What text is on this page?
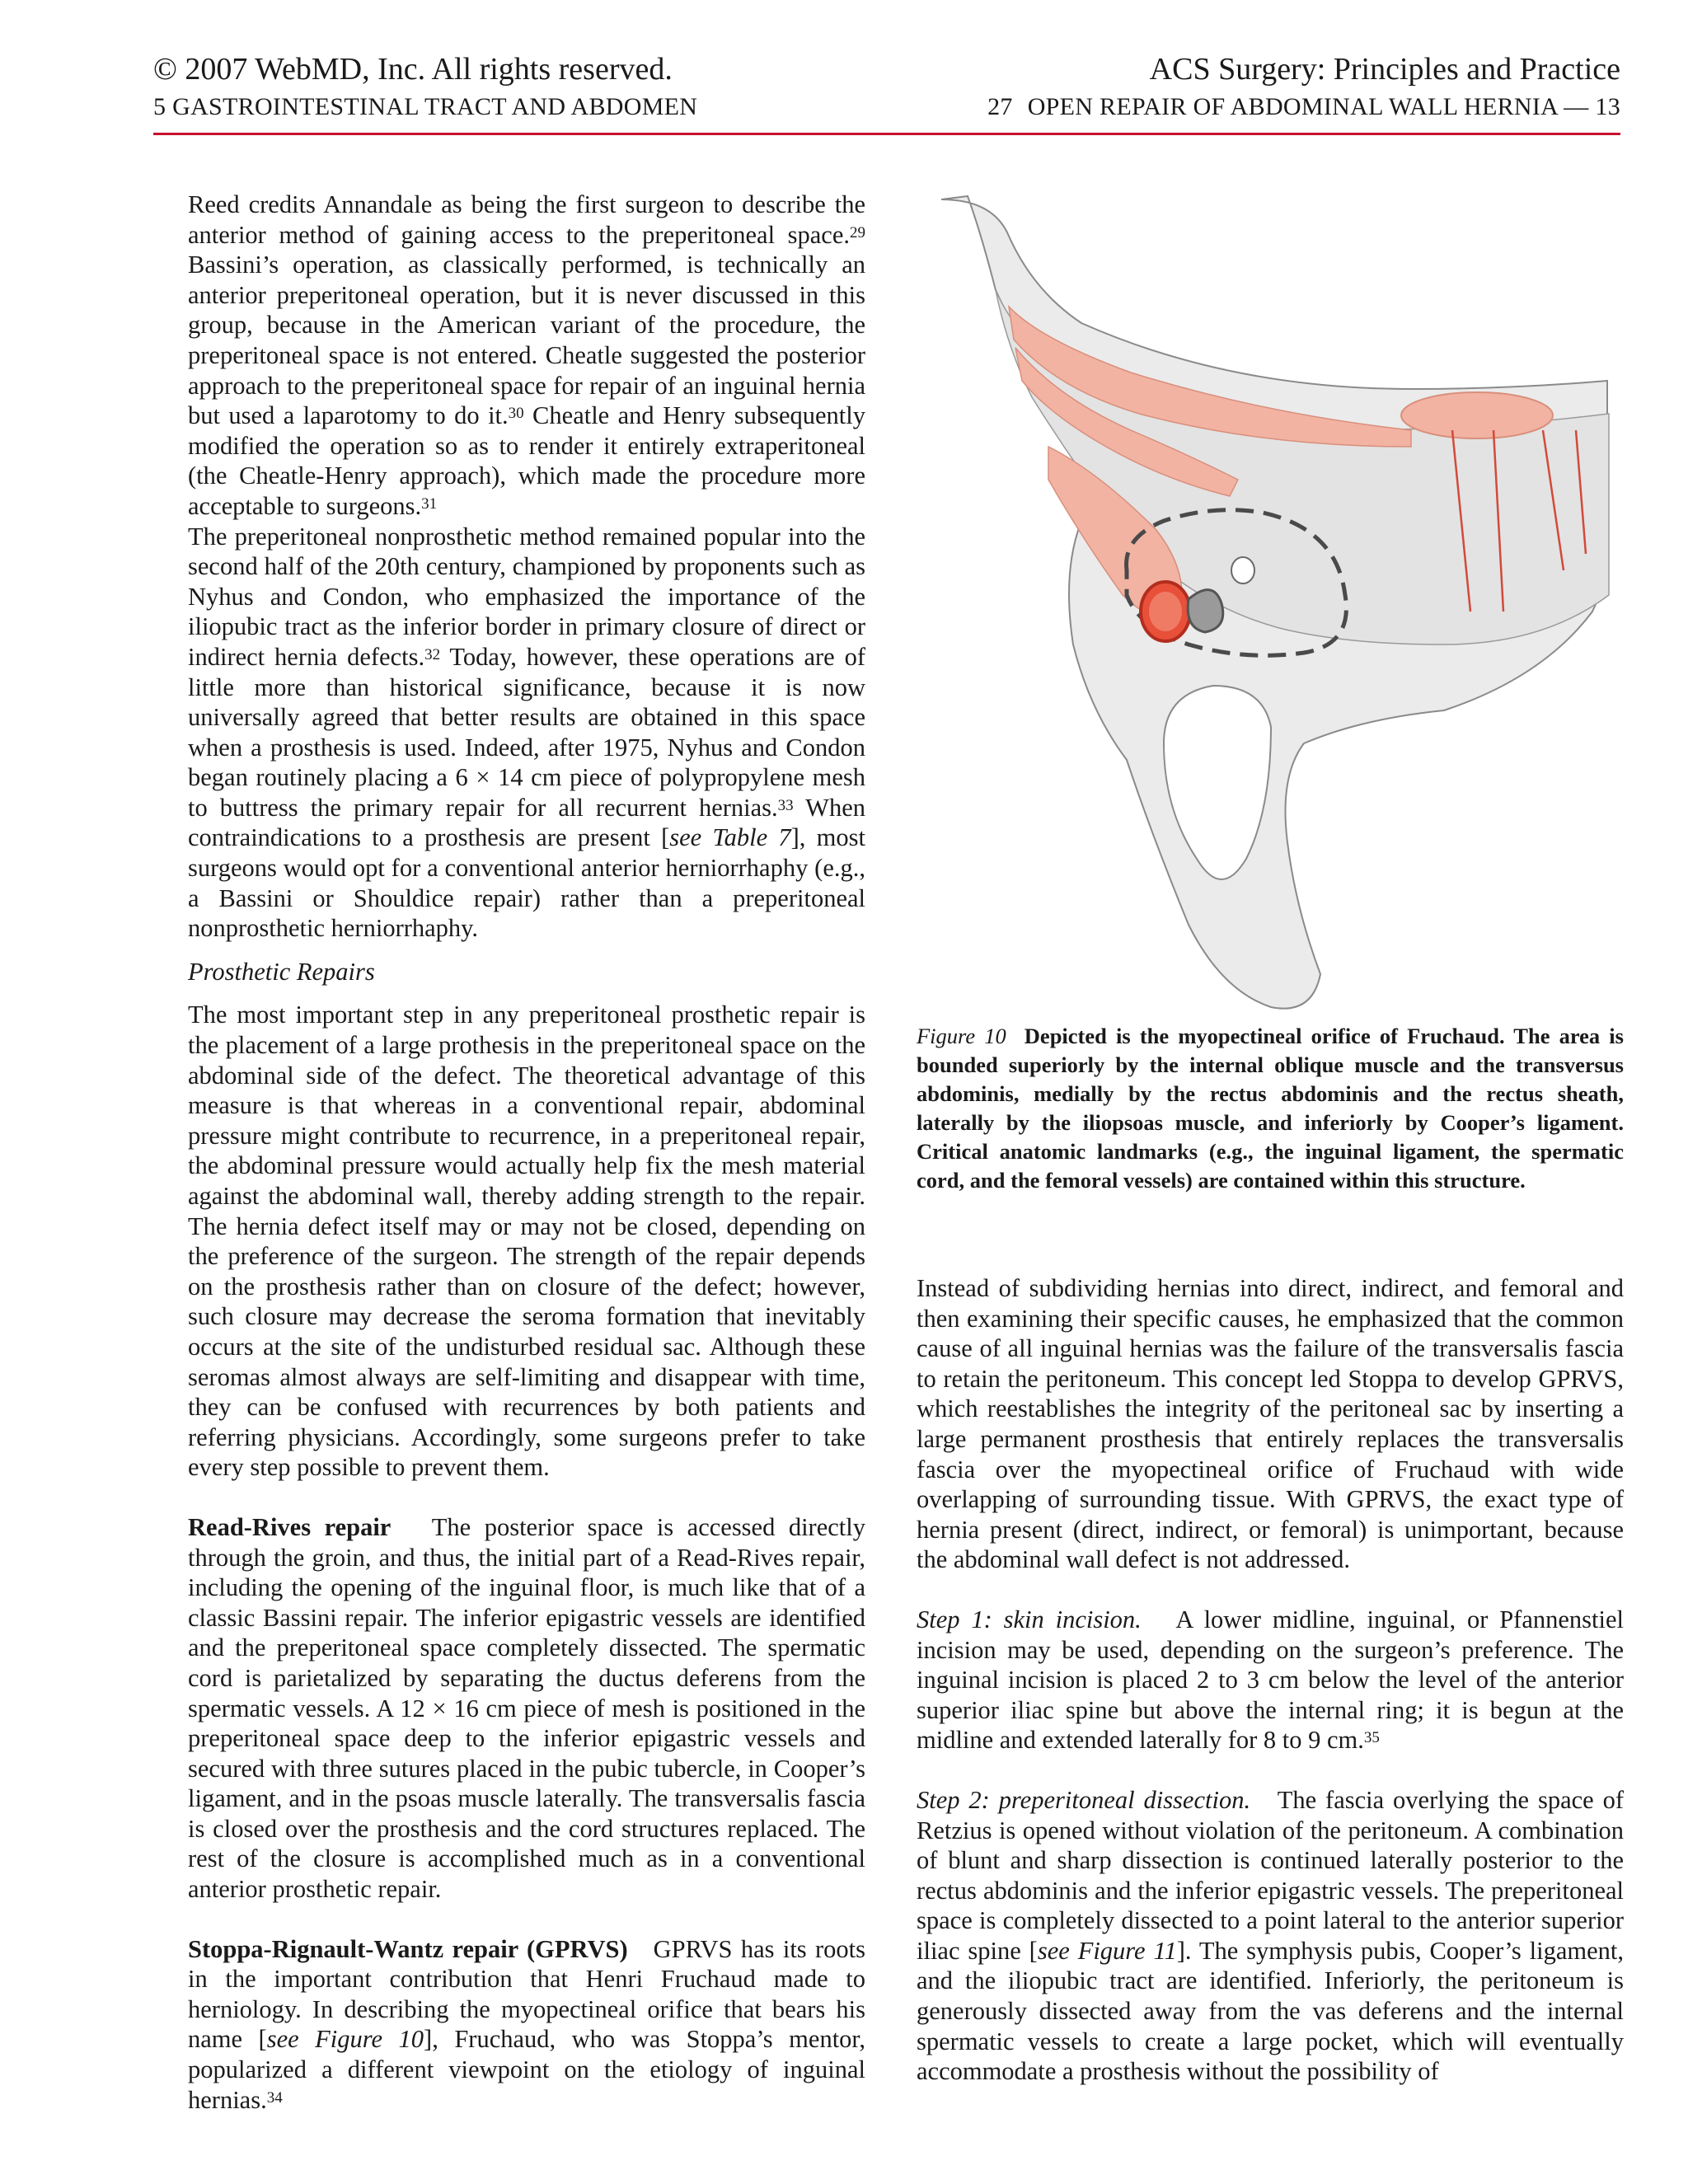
© 2007 WebMD, Inc. All rights reserved.	ACS Surgery: Principles and Practice
5 GASTROINTESTINAL TRACT AND ABDOMEN	27 OPEN REPAIR OF ABDOMINAL WALL HERNIA — 13

Reed credits Annandale as being the first surgeon to describe the anterior method of gaining access to the preperitoneal space.$^{29}$ Bassini’s operation, as classically performed, is technically an anterior preperitoneal operation, but it is never discussed in this group, because in the American variant of the procedure, the preperitoneal space is not entered. Cheatle suggested the posterior approach to the preperitoneal space for repair of an inguinal hernia but used a laparotomy to do it.$^{30}$ Cheatle and Henry subsequently modified the operation so as to render it entirely extraperitoneal (the Cheatle-Henry approach), which made the procedure more acceptable to surgeons.$^{31}$

The preperitoneal nonprosthetic method remained popular into the second half of the 20th century, championed by proponents such as Nyhus and Condon, who emphasized the importance of the iliopubic tract as the inferior border in primary closure of direct or indirect hernia defects.$^{32}$ Today, however, these operations are of little more than historical significance, because it is now universally agreed that better results are obtained in this space when a prosthesis is used. Indeed, after 1975, Nyhus and Condon began routinely placing a 6 × 14 cm piece of polypropylene mesh to buttress the primary repair for all recurrent hernias.$^{33}$ When contraindications to a prosthesis are present [see Table 7], most surgeons would opt for a conventional anterior herniorrhaphy (e.g., a Bassini or Shouldice repair) rather than a preperitoneal nonprosthetic herniorrhaphy.

Prosthetic Repairs

The most important step in any preperitoneal prosthetic repair is the placement of a large prothesis in the preperitoneal space on the abdominal side of the defect. The theoretical advantage of this measure is that whereas in a conventional repair, abdominal pressure might contribute to recurrence, in a preperitoneal repair, the abdominal pressure would actually help fix the mesh material against the abdominal wall, thereby adding strength to the repair. The hernia defect itself may or may not be closed, depending on the preference of the surgeon. The strength of the repair depends on the prosthesis rather than on closure of the defect; however, such closure may decrease the seroma formation that inevitably occurs at the site of the undisturbed residual sac. Although these seromas almost always are self-limiting and disappear with time, they can be confused with recurrences by both patients and referring physicians. Accordingly, some surgeons prefer to take every step possible to prevent them.

Read-Rives repair The posterior space is accessed directly through the groin, and thus, the initial part of a Read-Rives repair, including the opening of the inguinal floor, is much like that of a classic Bassini repair. The inferior epigastric vessels are identified and the preperitoneal space completely dissected. The spermatic cord is parietalized by separating the ductus deferens from the spermatic vessels. A 12 × 16 cm piece of mesh is positioned in the preperitoneal space deep to the inferior epigastric vessels and secured with three sutures placed in the pubic tubercle, in Cooper’s ligament, and in the psoas muscle laterally. The transversalis fascia is closed over the prosthesis and the cord structures replaced. The rest of the closure is accomplished much as in a conventional anterior prosthetic repair.

Stoppa-Rignault-Wantz repair (GPRVS) GPRVS has its roots in the important contribution that Henri Fruchaud made to herniology. In describing the myopectineal orifice that bears his name [see Figure 10], Fruchaud, who was Stoppa’s mentor, popularized a different viewpoint on the etiology of inguinal hernias.$^{34}$

Figure 10 Depicted is the myopectineal orifice of Fruchaud. The area is bounded superiorly by the internal oblique muscle and the transversus abdominis, medially by the rectus abdominis and the rectus sheath, laterally by the iliopsoas muscle, and inferiorly by Cooper’s ligament. Critical anatomic landmarks (e.g., the inguinal ligament, the spermatic cord, and the femoral vessels) are contained within this structure.

Instead of subdividing hernias into direct, indirect, and femoral and then examining their specific causes, he emphasized that the common cause of all inguinal hernias was the failure of the transversalis fascia to retain the peritoneum. This concept led Stoppa to develop GPRVS, which reestablishes the integrity of the peritoneal sac by inserting a large permanent prosthesis that entirely replaces the transversalis fascia over the myopectineal orifice of Fruchaud with wide overlapping of surrounding tissue. With GPRVS, the exact type of hernia present (direct, indirect, or femoral) is unimportant, because the abdominal wall defect is not addressed.

Step 1: skin incision. A lower midline, inguinal, or Pfannenstiel incision may be used, depending on the surgeon’s preference. The inguinal incision is placed 2 to 3 cm below the level of the anterior superior iliac spine but above the internal ring; it is begun at the midline and extended laterally for 8 to 9 cm.$^{35}$

Step 2: preperitoneal dissection. The fascia overlying the space of Retzius is opened without violation of the peritoneum. A combination of blunt and sharp dissection is continued laterally posterior to the rectus abdominis and the inferior epigastric vessels. The preperitoneal space is completely dissected to a point lateral to the anterior superior iliac spine [see Figure 11]. The symphysis pubis, Cooper’s ligament, and the iliopubic tract are identified. Inferiorly, the peritoneum is generously dissected away from the vas deferens and the internal spermatic vessels to create a large pocket, which will eventually accommodate a prosthesis without the possibility of
